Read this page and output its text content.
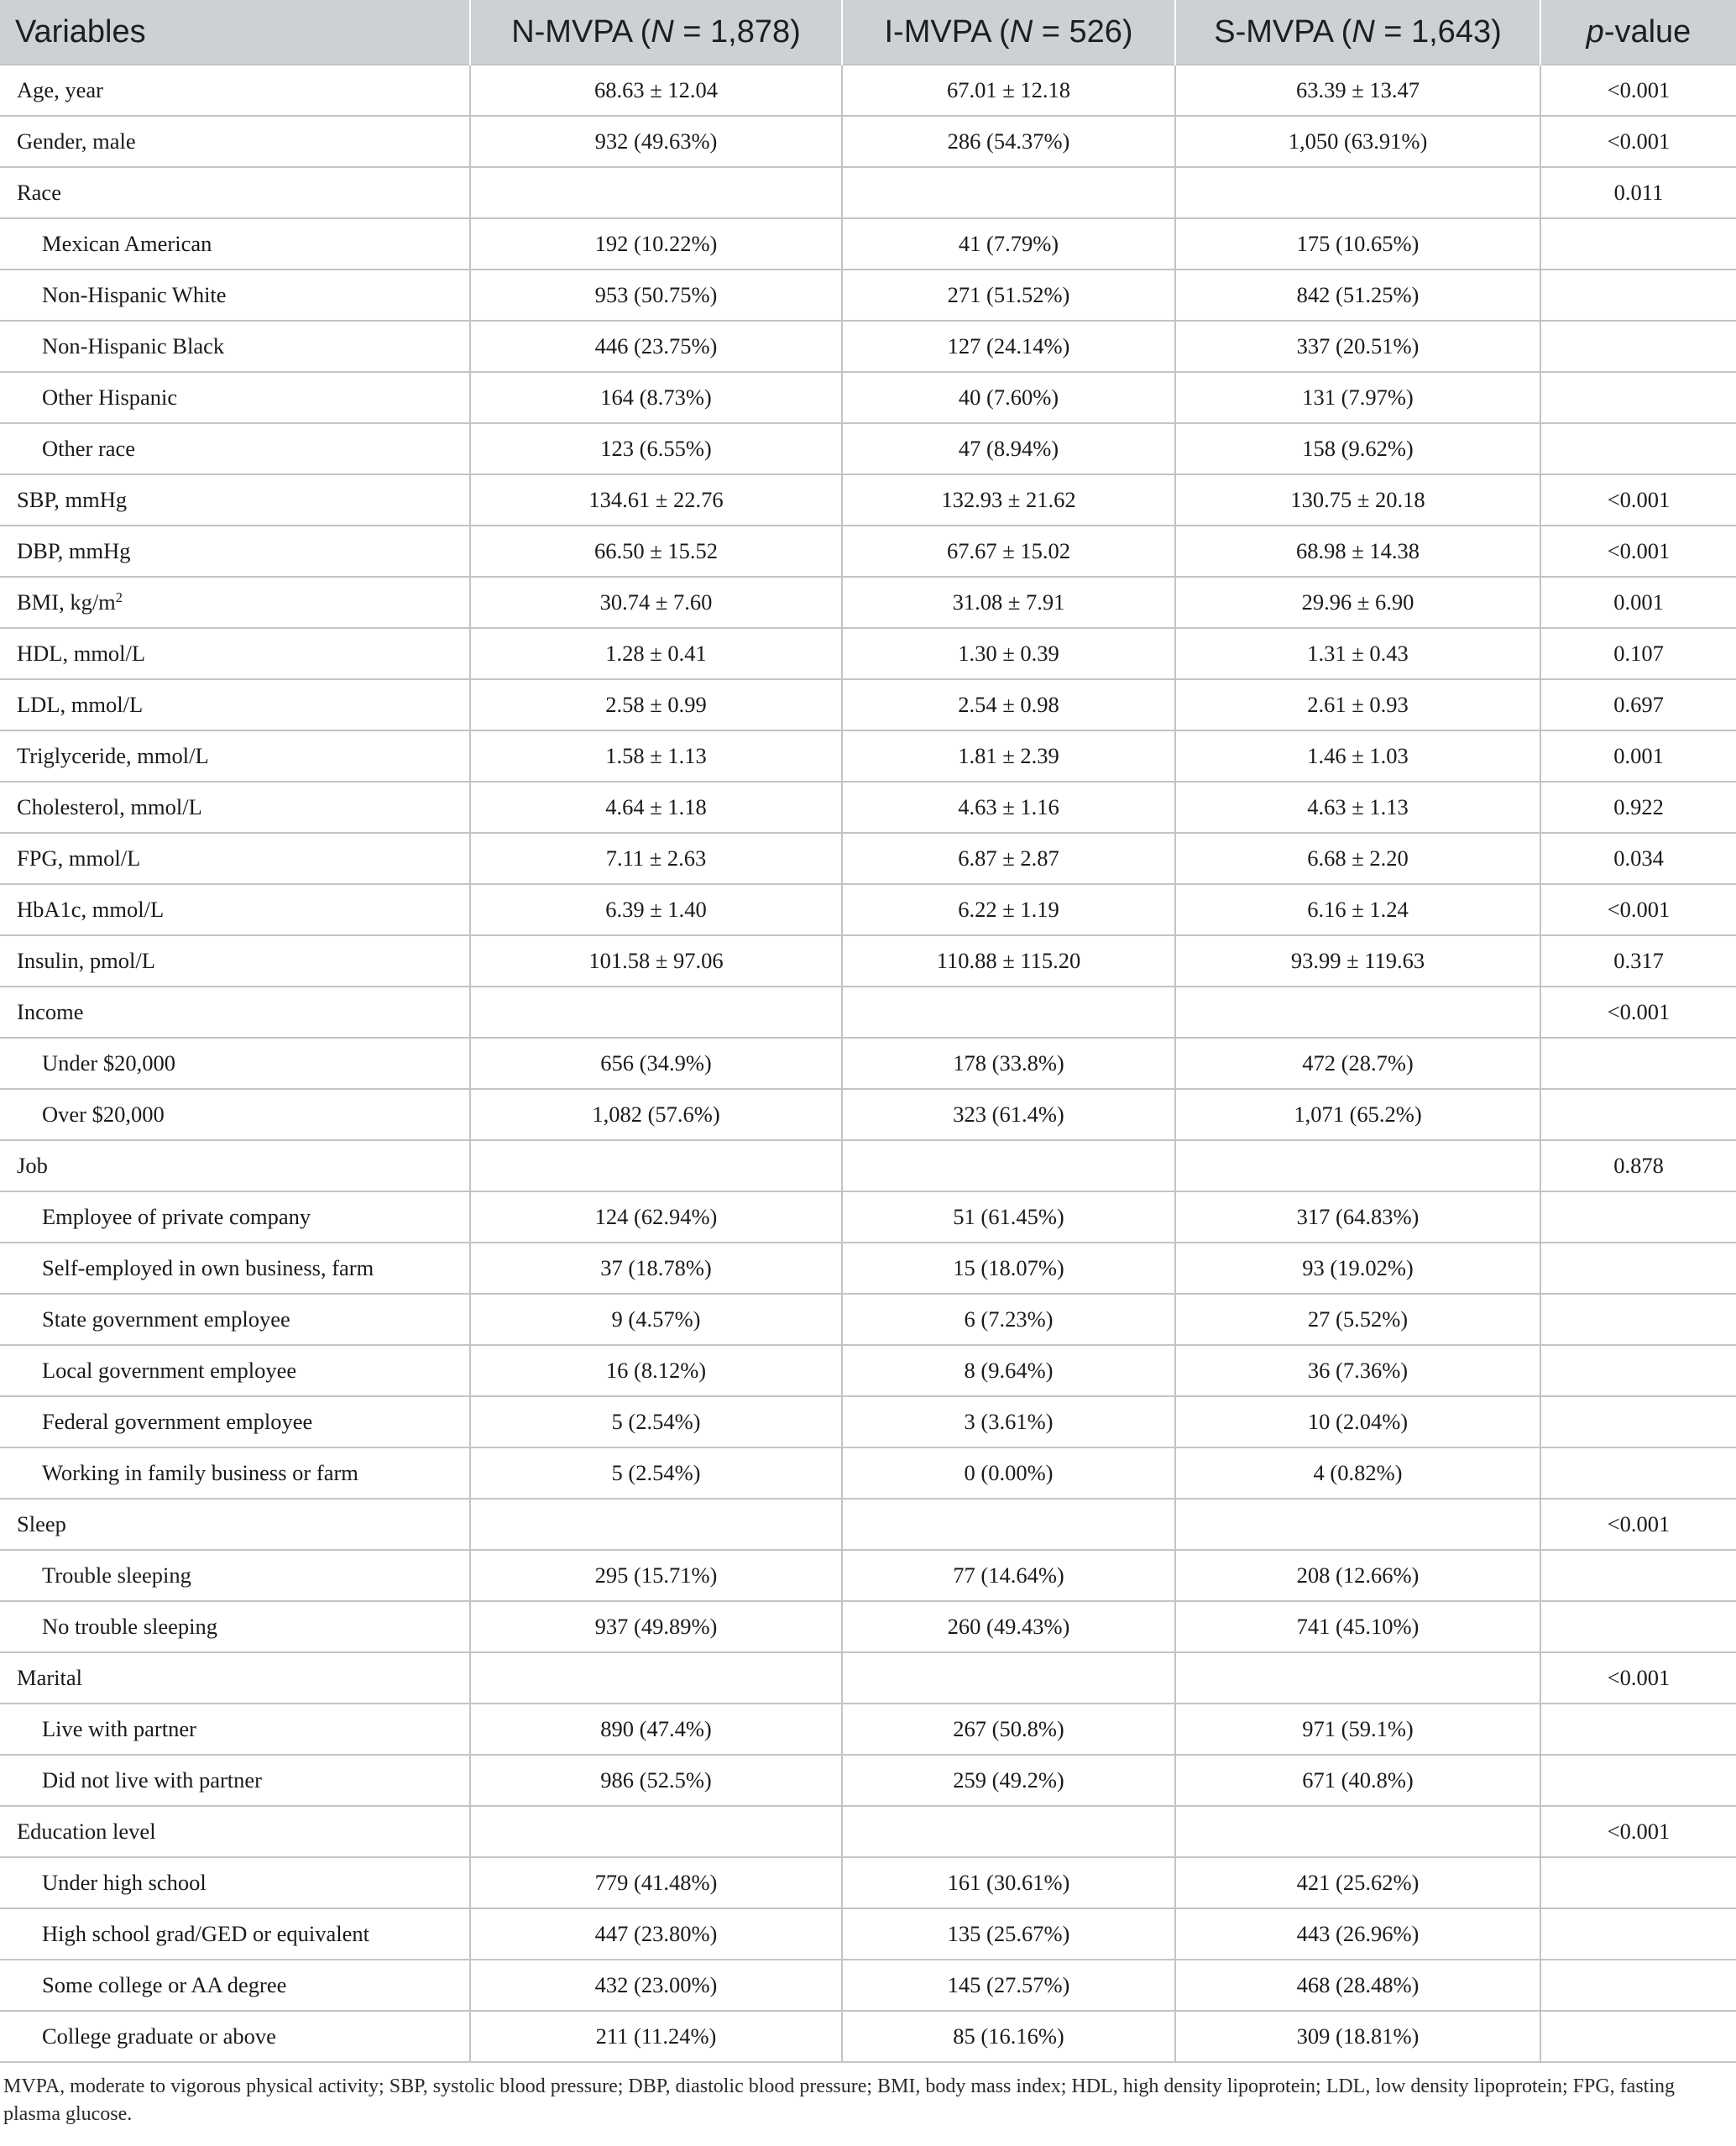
Variables	N-MVPA (N = 1,878)	I-MVPA (N = 526)	S-MVPA (N = 1,643)	p-value
Age, year	68.63 ± 12.04	67.01 ± 12.18	63.39 ± 13.47	<0.001
Gender, male	932 (49.63%)	286 (54.37%)	1,050 (63.91%)	<0.001
Race				0.011
Mexican American	192 (10.22%)	41 (7.79%)	175 (10.65%)	
Non-Hispanic White	953 (50.75%)	271 (51.52%)	842 (51.25%)	
Non-Hispanic Black	446 (23.75%)	127 (24.14%)	337 (20.51%)	
Other Hispanic	164 (8.73%)	40 (7.60%)	131 (7.97%)	
Other race	123 (6.55%)	47 (8.94%)	158 (9.62%)	
SBP, mmHg	134.61 ± 22.76	132.93 ± 21.62	130.75 ± 20.18	<0.001
DBP, mmHg	66.50 ± 15.52	67.67 ± 15.02	68.98 ± 14.38	<0.001
BMI, $kg/m^2$	30.74 ± 7.60	31.08 ± 7.91	29.96 ± 6.90	0.001
HDL, mmol/L	1.28 ± 0.41	1.30 ± 0.39	1.31 ± 0.43	0.107
LDL, mmol/L	2.58 ± 0.99	2.54 ± 0.98	2.61 ± 0.93	0.697
Triglyceride, mmol/L	1.58 ± 1.13	1.81 ± 2.39	1.46 ± 1.03	0.001
Cholesterol, mmol/L	4.64 ± 1.18	4.63 ± 1.16	4.63 ± 1.13	0.922
FPG, mmol/L	7.11 ± 2.63	6.87 ± 2.87	6.68 ± 2.20	0.034
HbA1c, mmol/L	6.39 ± 1.40	6.22 ± 1.19	6.16 ± 1.24	<0.001
Insulin, pmol/L	101.58 ± 97.06	110.88 ± 115.20	93.99 ± 119.63	0.317
Income				<0.001
Under $20,000	656 (34.9%)	178 (33.8%)	472 (28.7%)	
Over $20,000	1,082 (57.6%)	323 (61.4%)	1,071 (65.2%)	
Job				0.878
Employee of private company	124 (62.94%)	51 (61.45%)	317 (64.83%)	
Self-employed in own business, farm	37 (18.78%)	15 (18.07%)	93 (19.02%)	
State government employee	9 (4.57%)	6 (7.23%)	27 (5.52%)	
Local government employee	16 (8.12%)	8 (9.64%)	36 (7.36%)	
Federal government employee	5 (2.54%)	3 (3.61%)	10 (2.04%)	
Working in family business or farm	5 (2.54%)	0 (0.00%)	4 (0.82%)	
Sleep				<0.001
Trouble sleeping	295 (15.71%)	77 (14.64%)	208 (12.66%)	
No trouble sleeping	937 (49.89%)	260 (49.43%)	741 (45.10%)	
Marital				<0.001
Live with partner	890 (47.4%)	267 (50.8%)	971 (59.1%)	
Did not live with partner	986 (52.5%)	259 (49.2%)	671 (40.8%)	
Education level				<0.001
Under high school	779 (41.48%)	161 (30.61%)	421 (25.62%)	
High school grad/GED or equivalent	447 (23.80%)	135 (25.67%)	443 (26.96%)	
Some college or AA degree	432 (23.00%)	145 (27.57%)	468 (28.48%)	
College graduate or above	211 (11.24%)	85 (16.16%)	309 (18.81%)	
MVPA, moderate to vigorous physical activity; SBP, systolic blood pressure; DBP, diastolic blood pressure; BMI, body mass index; HDL, high density lipoprotein; LDL, low density lipoprotein; FPG, fasting plasma glucose.
